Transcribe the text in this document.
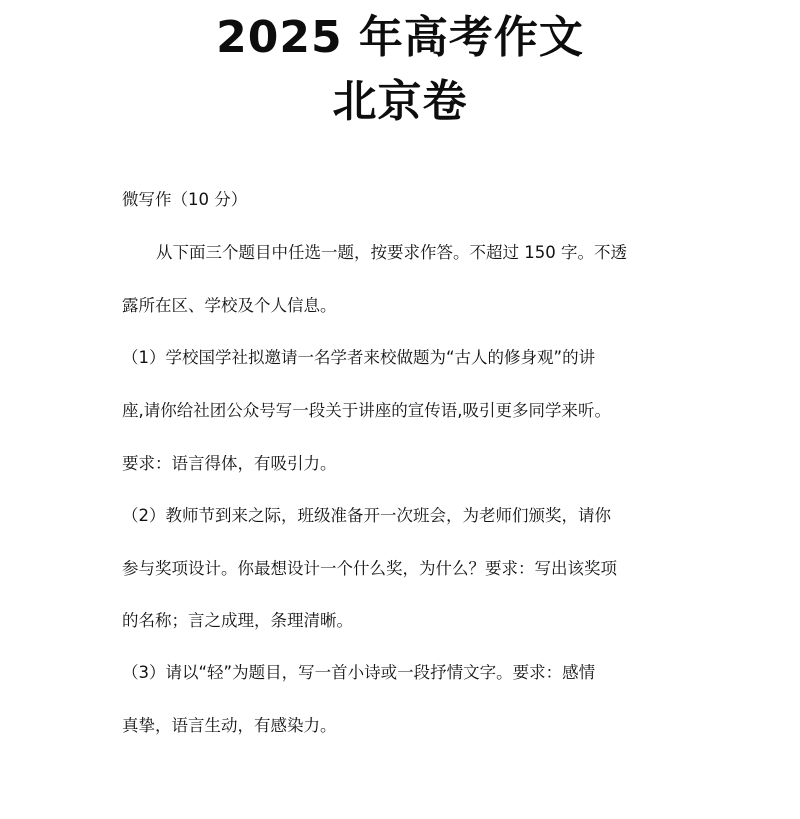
2025 年高考作文
北京卷
微写作（10 分）
从下面三个题目中任选一题，按要求作答。不超过 150 字。不透
露所在区、学校及个人信息。
（1）学校国学社拟邀请一名学者来校做题为“古人的修身观”的讲
座,请你给社团公众号写一段关于讲座的宣传语,吸引更多同学来听。
要求：语言得体，有吸引力。
（2）教师节到来之际，班级准备开一次班会，为老师们颁奖，请你
参与奖项设计。你最想设计一个什么奖，为什么？要求：写出该奖项
的名称；言之成理，条理清晰。
（3）请以“轻”为题目，写一首小诗或一段抒情文字。要求：感情
真挚，语言生动，有感染力。
